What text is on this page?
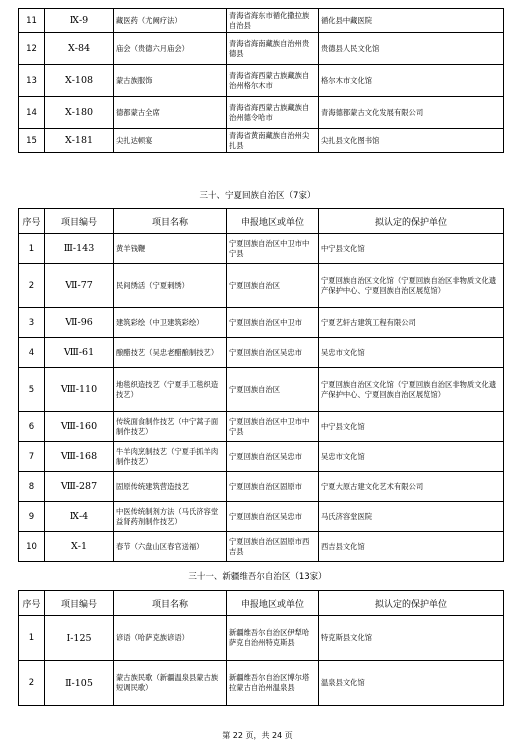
11	Ⅸ-9	藏医药（尤阙疗法）	青海省海东市循化撒拉族自治县	循化县中藏医院
12	Ⅹ-84	庙会（贵德六月庙会）	青海省海南藏族自治州贵德县	贵德县人民文化馆
13	Ⅹ-108	蒙古族服饰	青海省海西蒙古族藏族自治州格尔木市	格尔木市文化馆
14	Ⅹ-180	德都蒙古全席	青海省海西蒙古族藏族自治州德令哈市	青海德都蒙古文化发展有限公司
15	Ⅹ-181	尖扎达顿宴	青海省黄南藏族自治州尖扎县	尖扎县文化图书馆
三十、宁夏回族自治区（7家）
序号	项目编号	项目名称	申报地区或单位	拟认定的保护单位
1	Ⅲ-143	黄羊钱鞭	宁夏回族自治区中卫市中宁县	中宁县文化馆
2	Ⅶ-77	民间绣活（宁夏刺绣）	宁夏回族自治区	宁夏回族自治区文化馆（宁夏回族自治区非物质文化遗产保护中心、宁夏回族自治区展览馆）
3	Ⅶ-96	建筑彩绘（中卫建筑彩绘）	宁夏回族自治区中卫市	宁夏艺轩古建筑工程有限公司
4	Ⅷ-61	酿醋技艺（吴忠老醋酿制技艺）	宁夏回族自治区吴忠市	吴忠市文化馆
5	Ⅷ-110	地毯织造技艺（宁夏手工毯织造技艺）	宁夏回族自治区	宁夏回族自治区文化馆（宁夏回族自治区非物质文化遗产保护中心、宁夏回族自治区展览馆）
6	Ⅷ-160	传统面食制作技艺（中宁蒿子面制作技艺）	宁夏回族自治区中卫市中宁县	中宁县文化馆
7	Ⅷ-168	牛羊肉烹制技艺（宁夏手抓羊肉制作技艺）	宁夏回族自治区吴忠市	吴忠市文化馆
8	Ⅷ-287	固原传统建筑营造技艺	宁夏回族自治区固原市	宁夏大原古建文化艺术有限公司
9	Ⅸ-4	中医传统制剂方法（马氏济容堂益肾药剂制作技艺）	宁夏回族自治区吴忠市	马氏济容堂医院
10	Ⅹ-1	春节（六盘山区春官送福）	宁夏回族自治区固原市西吉县	西吉县文化馆
三十一、新疆维吾尔自治区（13家）
序号	项目编号	项目名称	申报地区或单位	拟认定的保护单位
1	Ⅰ-125	谚语（哈萨克族谚语）	新疆维吾尔自治区伊犁哈萨克自治州特克斯县	特克斯县文化馆
2	Ⅱ-105	蒙古族民歌（新疆温泉县蒙古族短调民歌）	新疆维吾尔自治区博尔塔拉蒙古自治州温泉县	温泉县文化馆
第 22 页，共 24 页
